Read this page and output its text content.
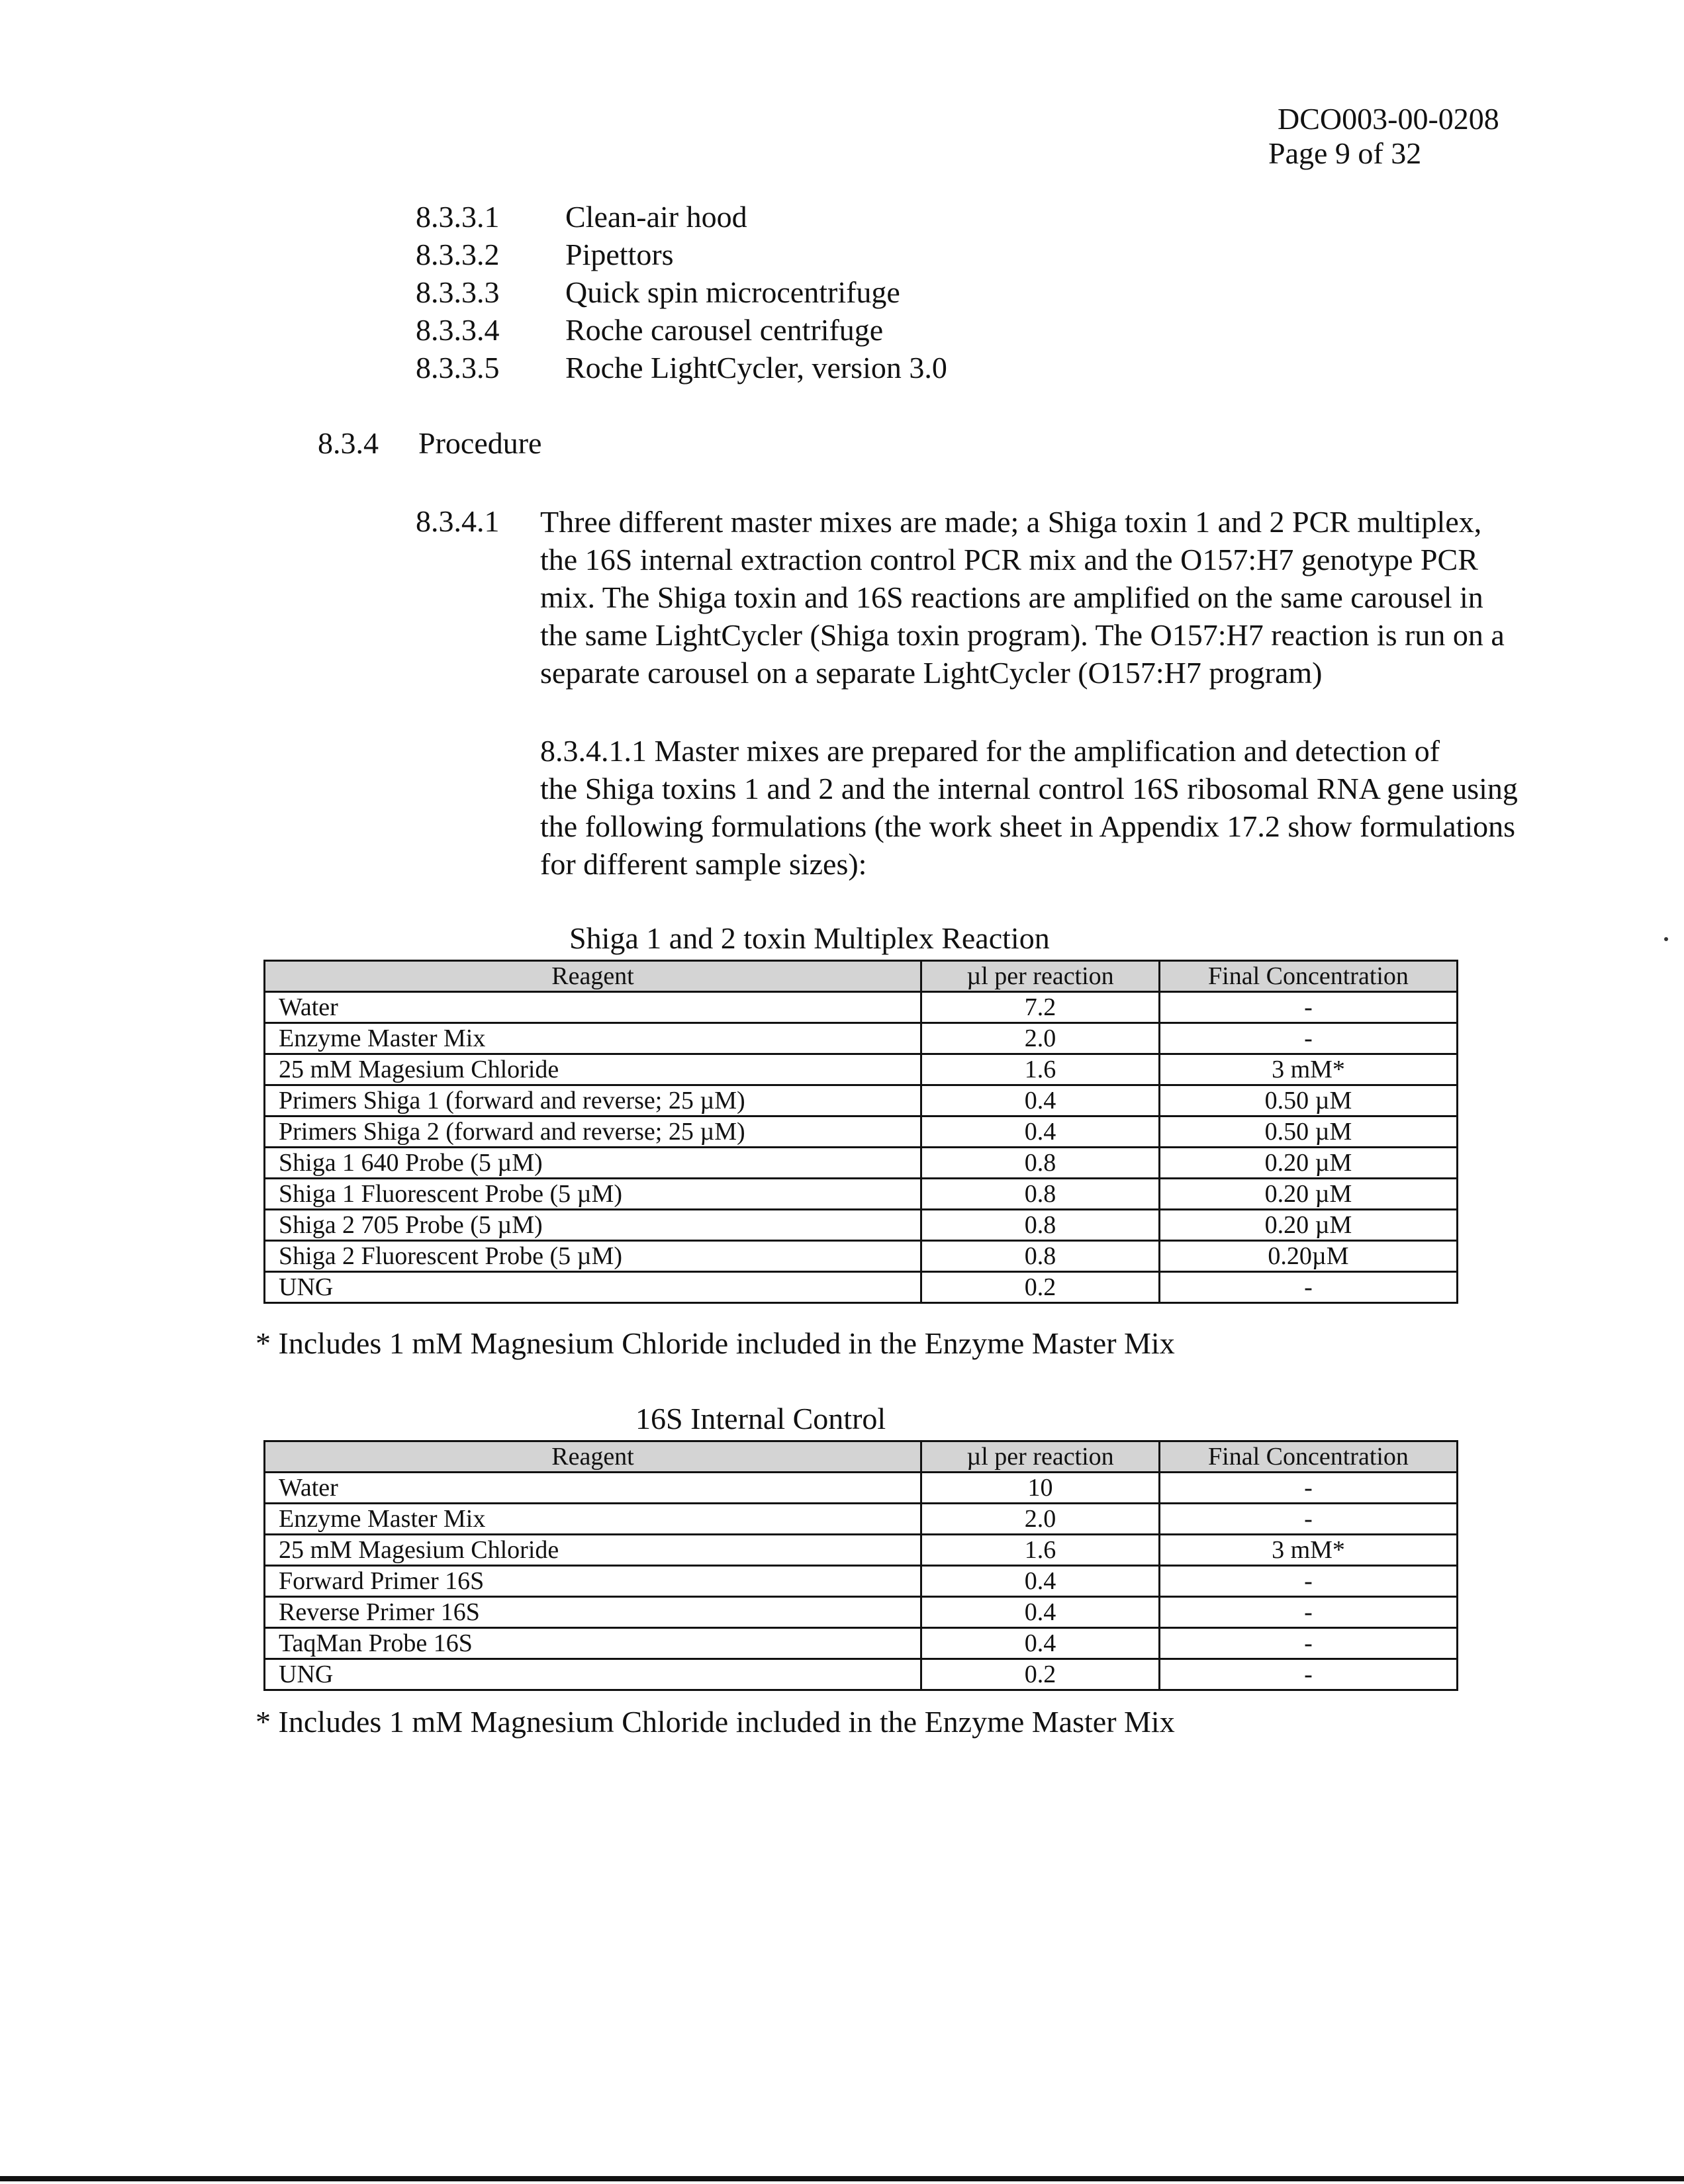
DCO003-00-0208
Page 9 of 32
8.3.3.1 Clean-air hood
8.3.3.2 Pipettors
8.3.3.3 Quick spin microcentrifuge
8.3.3.4 Roche carousel centrifuge
8.3.3.5 Roche LightCycler, version 3.0
8.3.4 Procedure
8.3.4.1 Three different master mixes are made; a Shiga toxin 1 and 2 PCR multiplex,
the 16S internal extraction control PCR mix and the O157:H7 genotype PCR
mix. The Shiga toxin and 16S reactions are amplified on the same carousel in
the same LightCycler (Shiga toxin program). The O157:H7 reaction is run on a
separate carousel on a separate LightCycler (O157:H7 program)
8.3.4.1.1 Master mixes are prepared for the amplification and detection of
the Shiga toxins 1 and 2 and the internal control 16S ribosomal RNA gene using
the following formulations (the work sheet in Appendix 17.2 show formulations
for different sample sizes):
Shiga 1 and 2 toxin Multiplex Reaction
Reagent	µl per reaction	Final Concentration
Water	7.2	-
Enzyme Master Mix	2.0	-
25 mM Magesium Chloride	1.6	3 mM*
Primers Shiga 1 (forward and reverse; 25 µM)	0.4	0.50 µM
Primers Shiga 2 (forward and reverse; 25 µM)	0.4	0.50 µM
Shiga 1 640 Probe (5 µM)	0.8	0.20 µM
Shiga 1 Fluorescent Probe (5 µM)	0.8	0.20 µM
Shiga 2 705 Probe (5 µM)	0.8	0.20 µM
Shiga 2 Fluorescent Probe (5 µM)	0.8	0.20µM
UNG	0.2	-
* Includes 1 mM Magnesium Chloride included in the Enzyme Master Mix
16S Internal Control
Reagent	µl per reaction	Final Concentration
Water	10	-
Enzyme Master Mix	2.0	-
25 mM Magesium Chloride	1.6	3 mM*
Forward Primer 16S	0.4	-
Reverse Primer 16S	0.4	-
TaqMan Probe 16S	0.4	-
UNG	0.2	-
* Includes 1 mM Magnesium Chloride included in the Enzyme Master Mix
